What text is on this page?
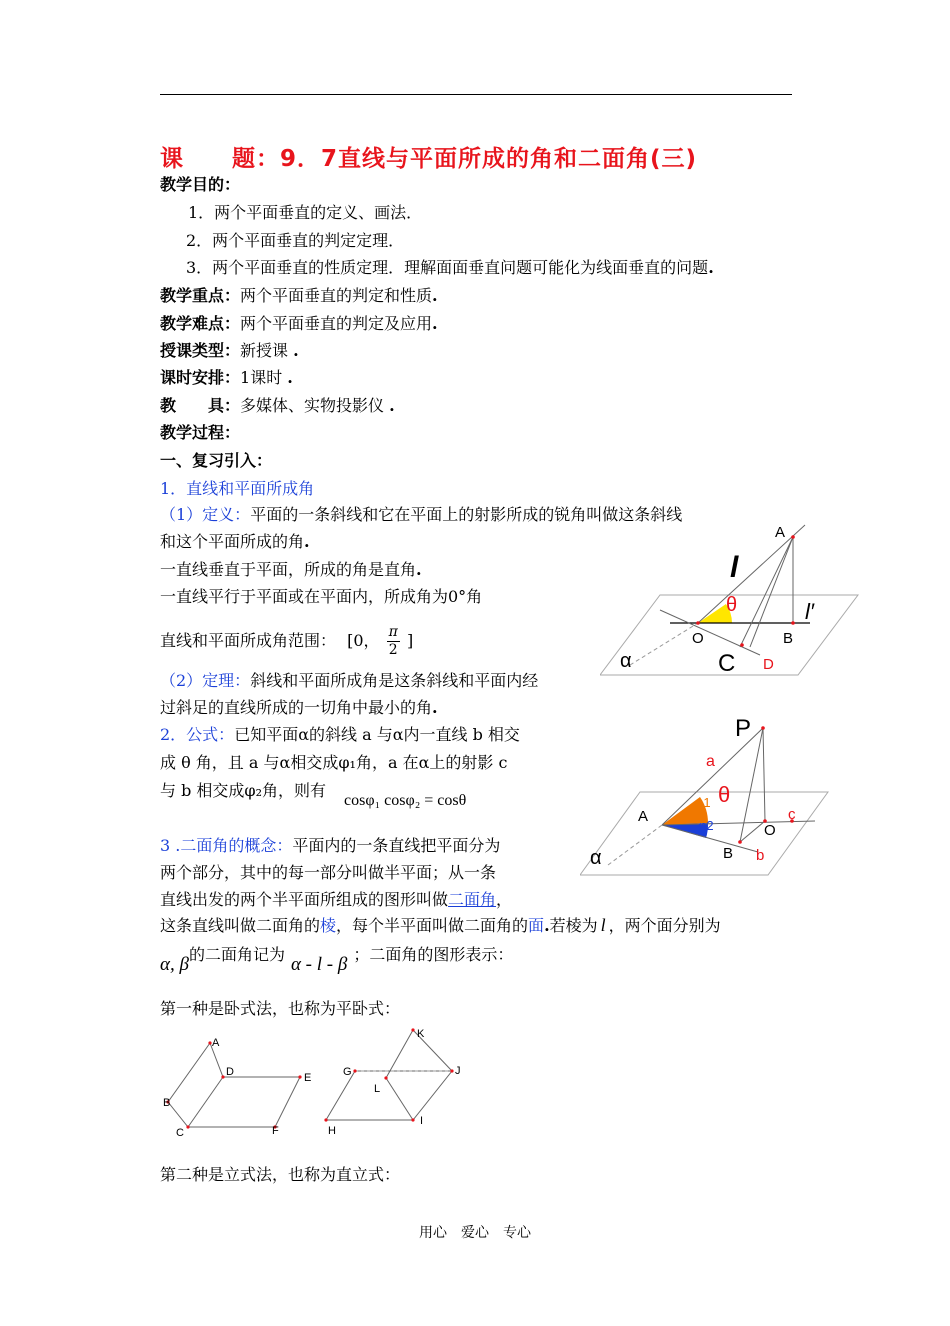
课　　题：9．7直线与平面所成的角和二面角(三)
教学目的：
1．两个平面垂直的定义、画法．
2．两个平面垂直的判定定理．
3．两个平面垂直的性质定理．理解面面垂直问题可能化为线面垂直的问题.
教学重点：两个平面垂直的判定和性质.
教学难点：两个平面垂直的判定及应用.
授课类型：新授课 .
课时安排：1课时 .
教　　具：多媒体、实物投影仪 .
教学过程：
一、复习引入：
1．直线和平面所成角
（1）定义：平面的一条斜线和它在平面上的射影所成的锐角叫做这条斜线
和这个平面所成的角.
一直线垂直于平面，所成的角是直角.
一直线平行于平面或在平面内，所成角为0°角
直线和平面所成角范围： [0， $\frac{\pi}{2}$ ]
（2）定理：斜线和平面所成角是这条斜线和平面内经
过斜足的直线所成的一切角中最小的角.
2．公式：已知平面α的斜线 a 与α内一直线 b 相交
成 θ 角，且 a 与α相交成φ₁角，a 在α上的射影 c
与 b 相交成φ₂角，则有
cosφ₁ cosφ₂ = cosθ
3 .二面角的概念：平面内的一条直线把平面分为
两个部分，其中的每一部分叫做半平面；从一条
直线出发的两个半平面所组成的图形叫做二面角，
这条直线叫做二面角的棱，每个半平面叫做二面角的面.若棱为 l ，两个面分别为
α, β的二面角记为 α - l - β ；二面角的图形表示：
第一种是卧式法，也称为平卧式：
第二种是立式法，也称为直立式：
用心　爱心　专心
A
l
θ	l′
O	B
C D
α
P
a
θ
φ1
φ2
A
O
c
B b
α
A
D	E
F
C
B
G	J
K
L
I
H
